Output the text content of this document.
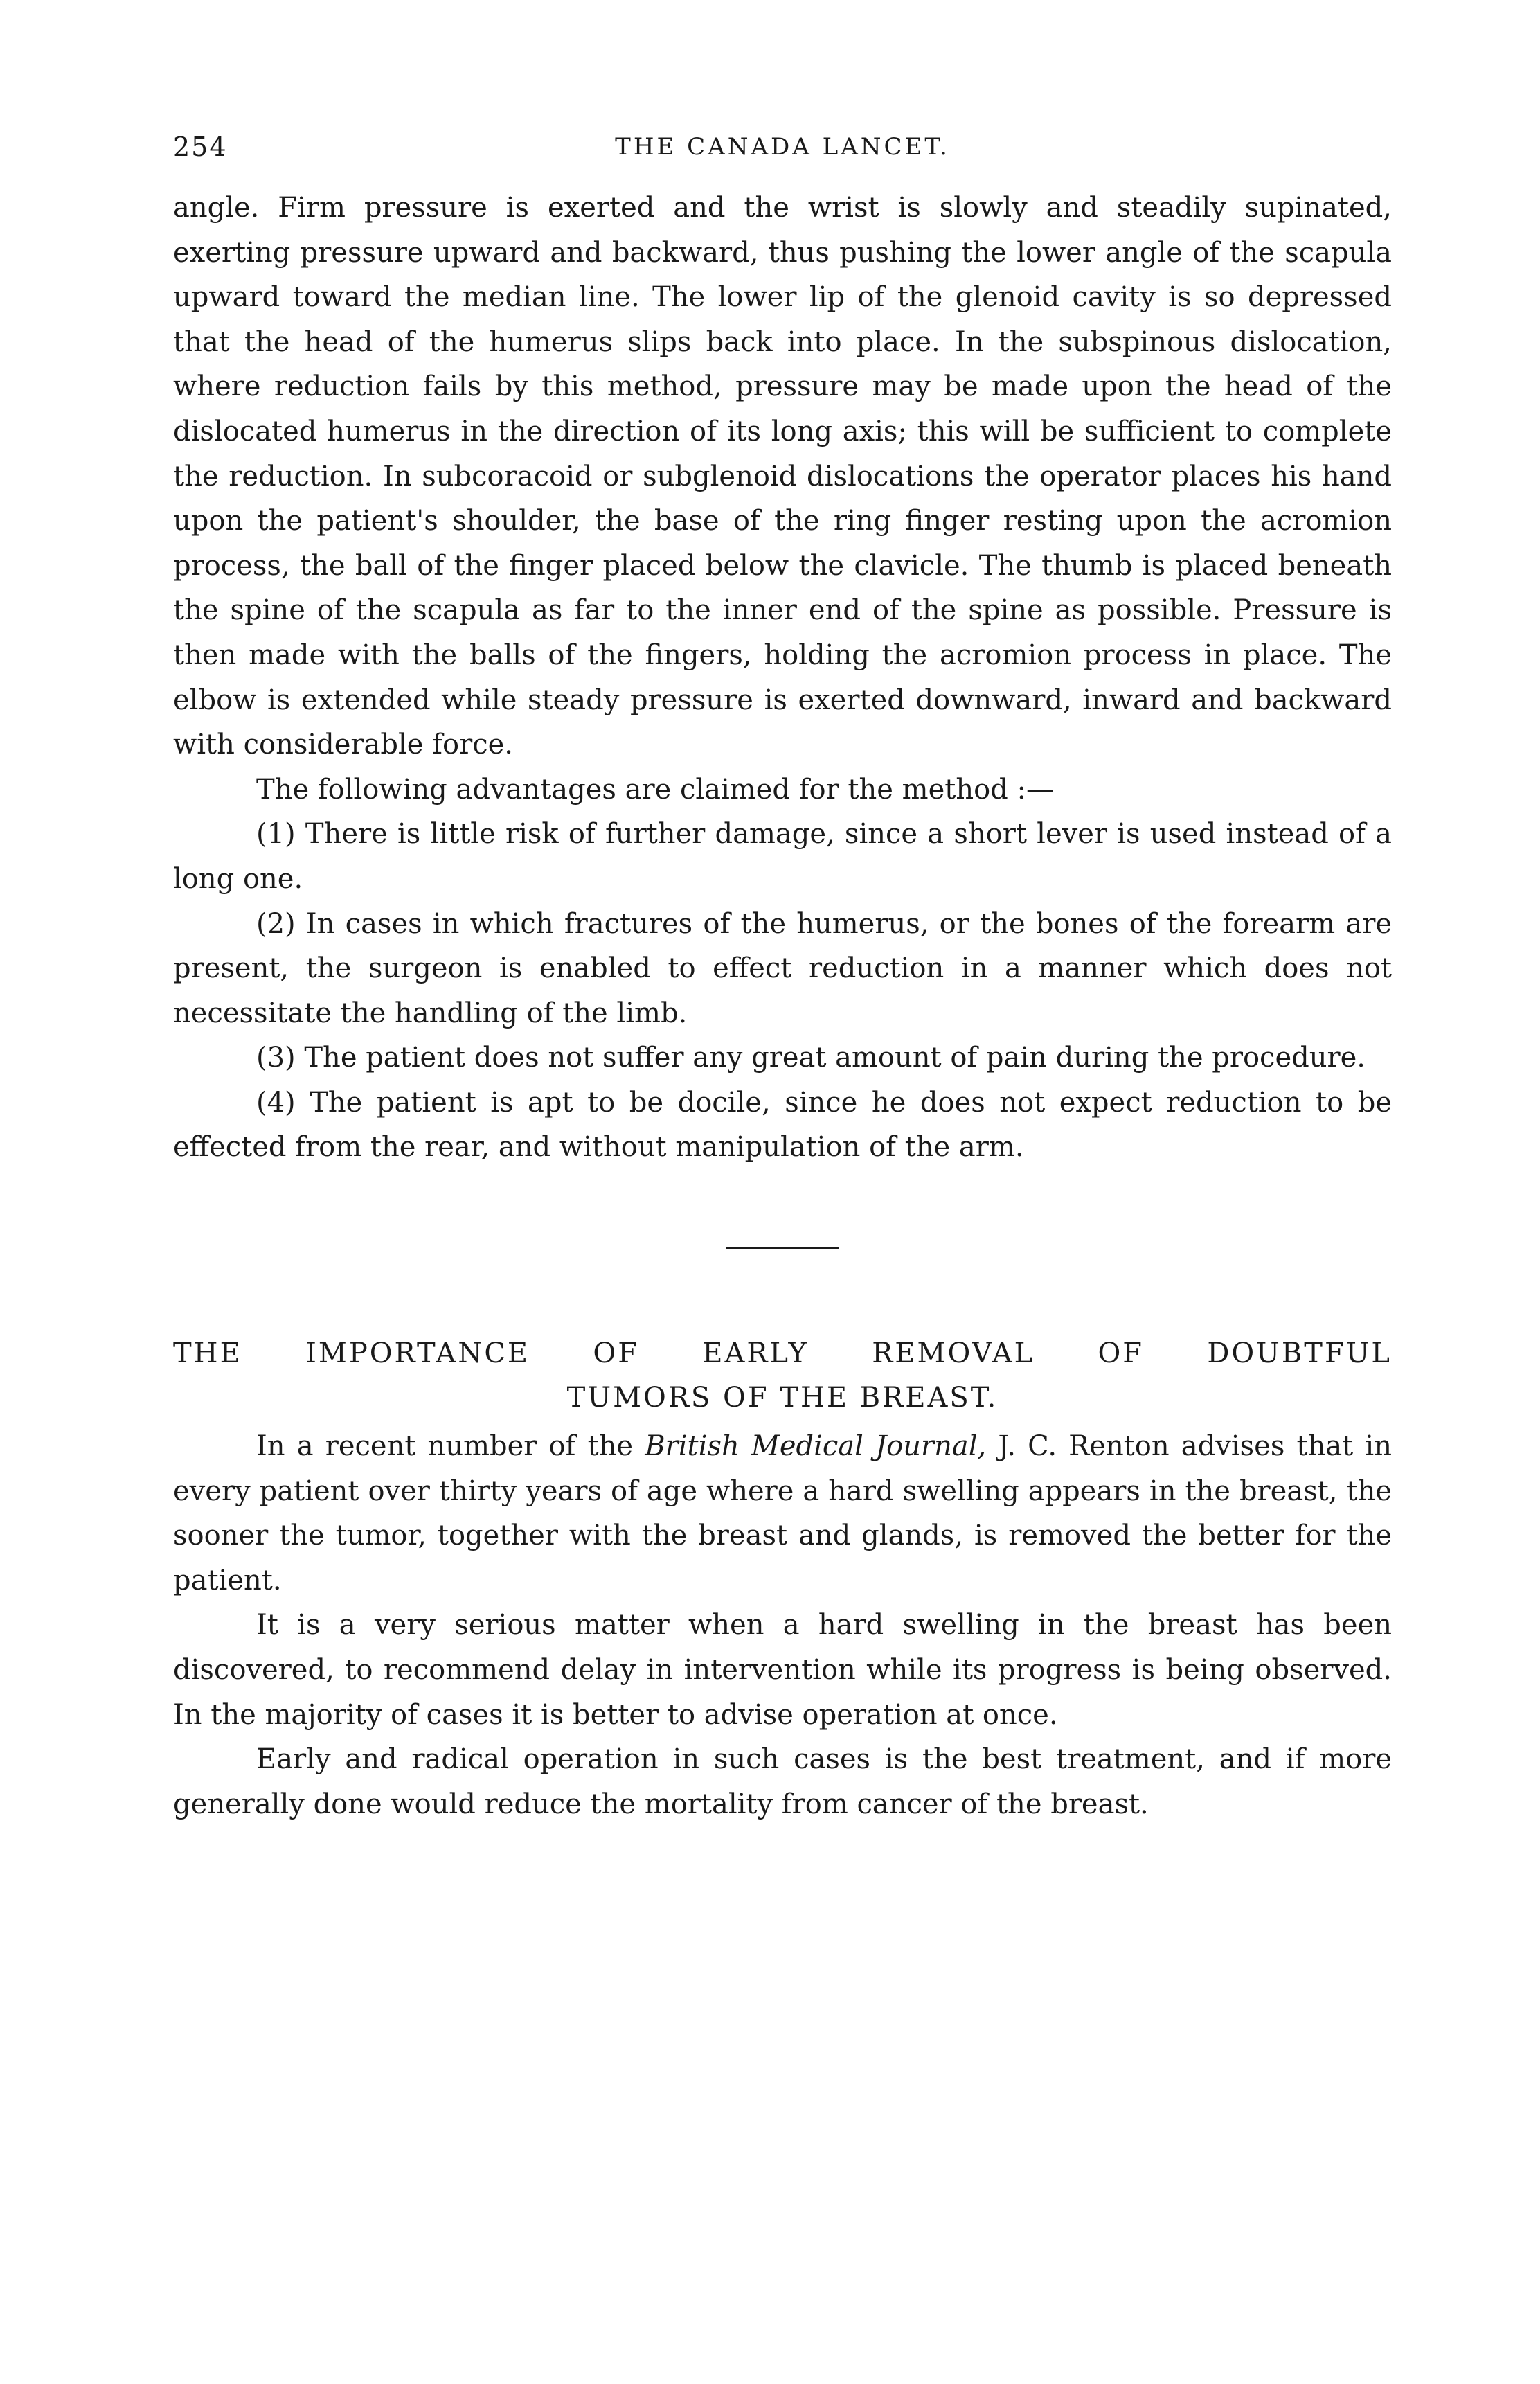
254	THE CANADA LANCET.

angle. Firm pressure is exerted and the wrist is slowly and steadily supinated, exerting pressure upward and backward, thus pushing the lower angle of the scapula upward toward the median line. The lower lip of the glenoid cavity is so depressed that the head of the humerus slips back into place. In the subspinous dislocation, where reduction fails by this method, pressure may be made upon the head of the dislocated humerus in the direction of its long axis; this will be sufficient to complete the reduction. In subcoracoid or subglenoid dislocations the operator places his hand upon the patient's shoulder, the base of the ring finger resting upon the acromion process, the ball of the finger placed below the clavicle. The thumb is placed beneath the spine of the scapula as far to the inner end of the spine as possible. Pressure is then made with the balls of the fingers, holding the acromion process in place. The elbow is extended while steady pressure is exerted downward, inward and backward with considerable force.

The following advantages are claimed for the method :—

(1) There is little risk of further damage, since a short lever is used instead of a long one.

(2) In cases in which fractures of the humerus, or the bones of the forearm are present, the surgeon is enabled to effect reduction in a manner which does not necessitate the handling of the limb.

(3) The patient does not suffer any great amount of pain during the procedure.

(4) The patient is apt to be docile, since he does not expect reduction to be effected from the rear, and without manipulation of the arm.

THE IMPORTANCE OF EARLY REMOVAL OF DOUBTFUL
TUMORS OF THE BREAST.

In a recent number of the British Medical Journal, J. C. Renton advises that in every patient over thirty years of age where a hard swelling appears in the breast, the sooner the tumor, together with the breast and glands, is removed the better for the patient.

It is a very serious matter when a hard swelling in the breast has been discovered, to recommend delay in intervention while its progress is being observed. In the majority of cases it is better to advise operation at once.

Early and radical operation in such cases is the best treatment, and if more generally done would reduce the mortality from cancer of the breast.
